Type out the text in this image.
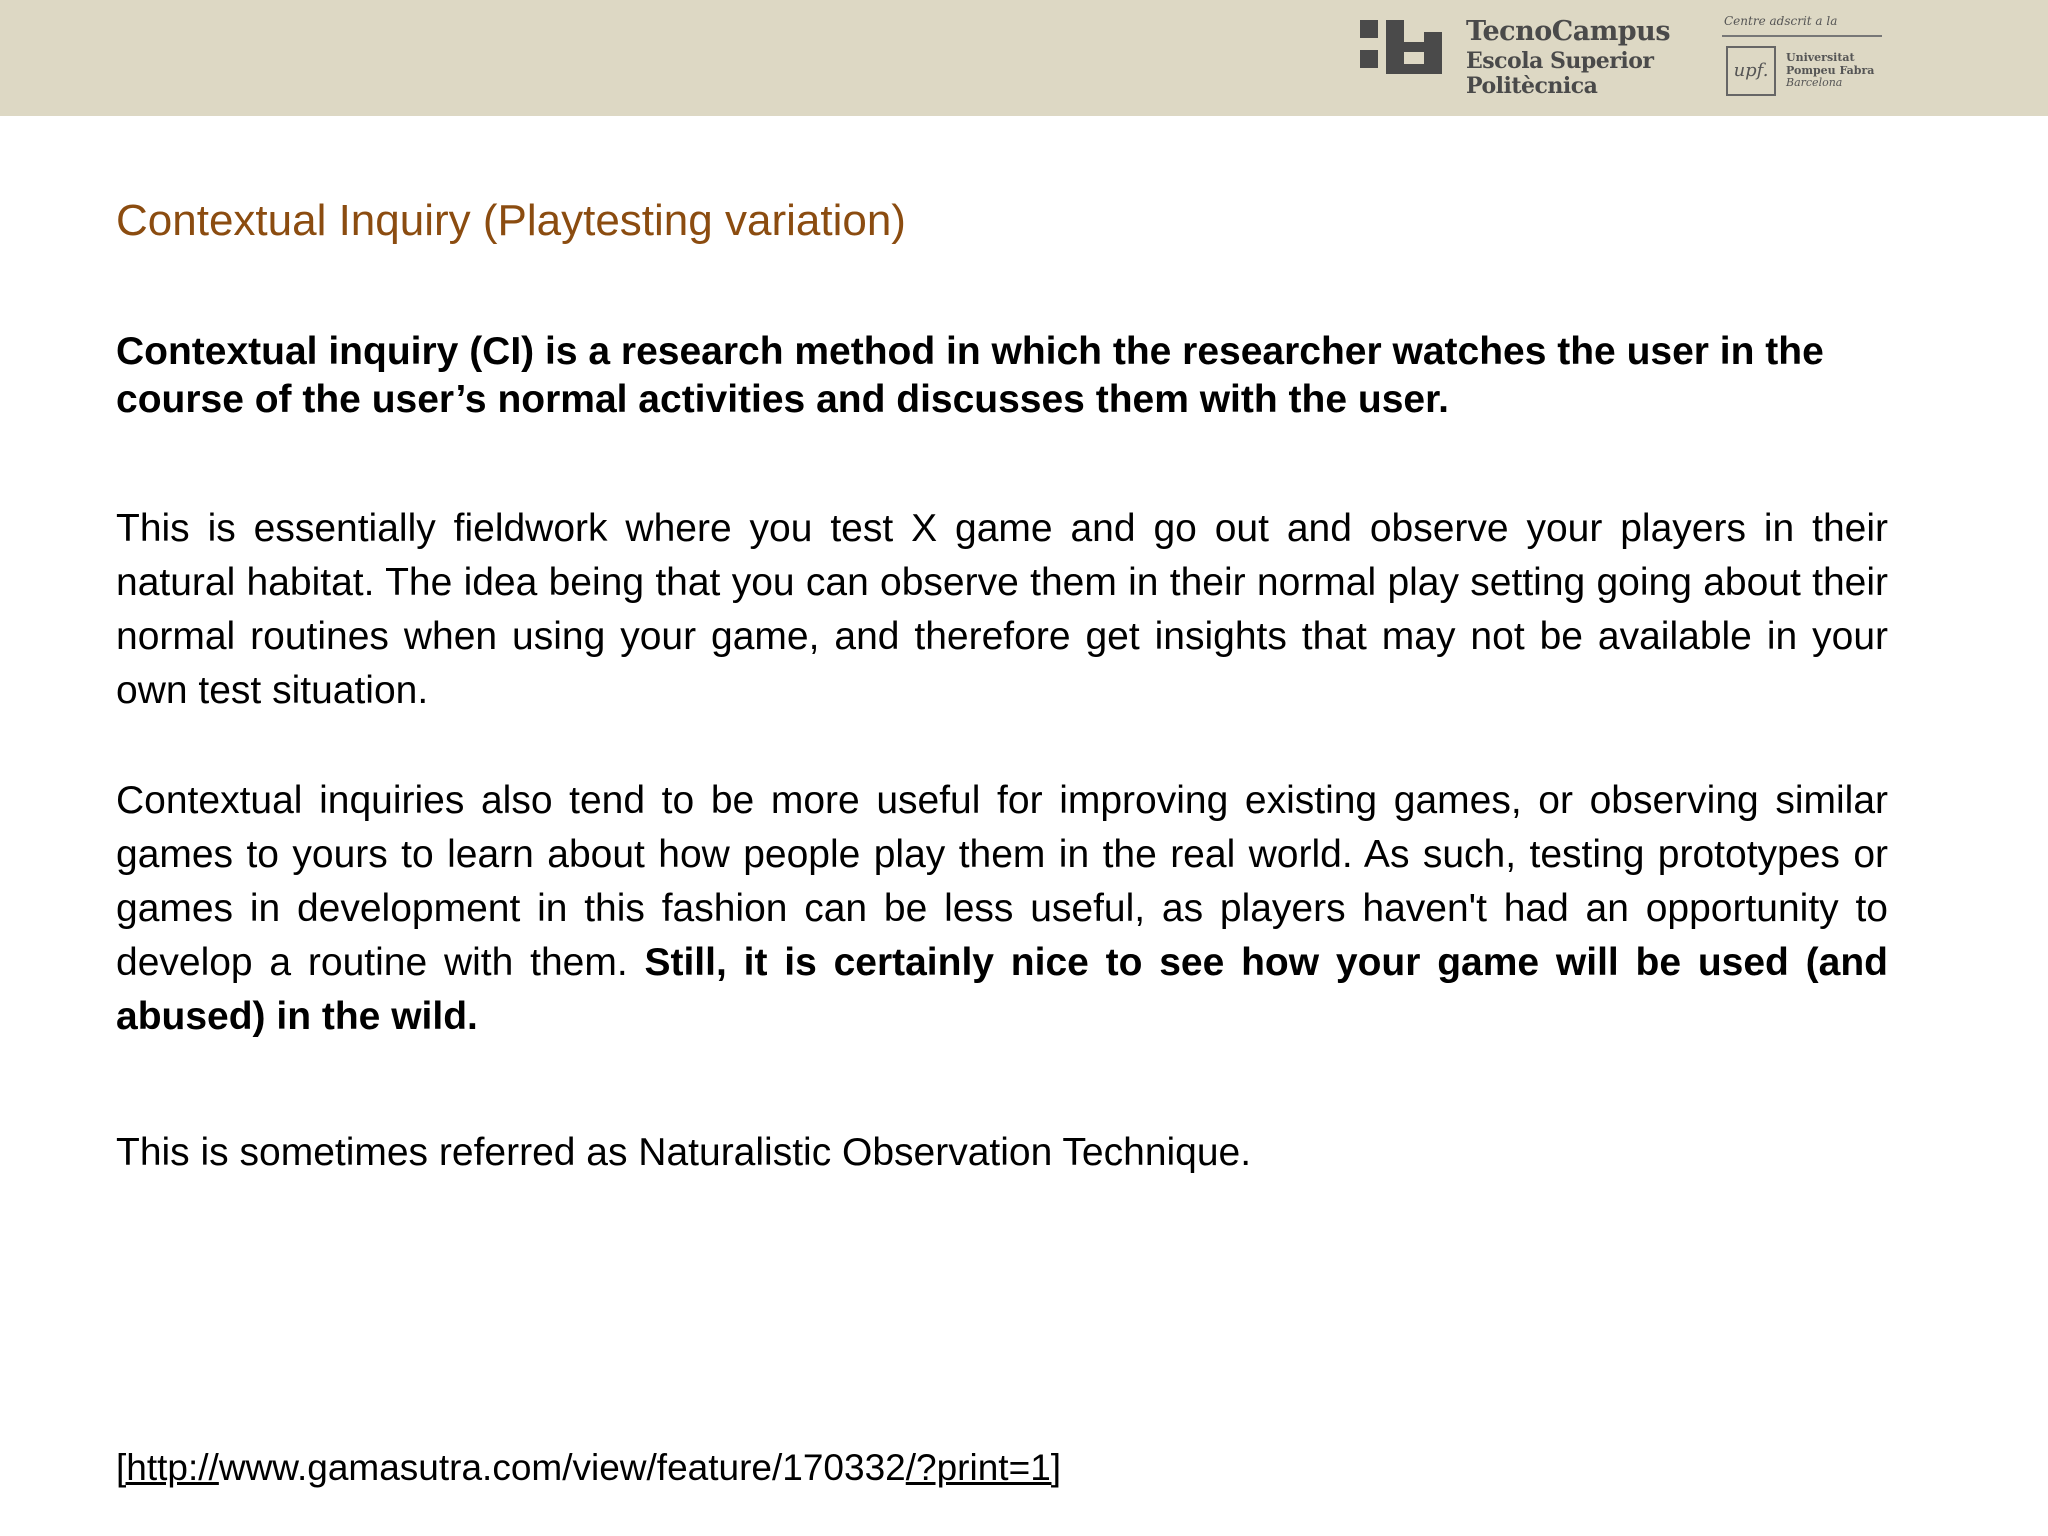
TecnoCampus
Escola Superior
Politècnica
Centre adscrit a la
upf.
Universitat
Pompeu Fabra
Barcelona
Contextual Inquiry (Playtesting variation)

Contextual inquiry (CI) is a research method in which the researcher watches the user in the course of the user’s normal activities and discusses them with the user.

This is essentially fieldwork where you test X game and go out and observe your players in their natural habitat. The idea being that you can observe them in their normal play setting going about their normal routines when using your game, and therefore get insights that may not be available in your own test situation.

Contextual inquiries also tend to be more useful for improving existing games, or observing similar games to yours to learn about how people play them in the real world. As such, testing prototypes or games in development in this fashion can be less useful, as players haven't had an opportunity to develop a routine with them. Still, it is certainly nice to see how your game will be used (and abused) in the wild.

This is sometimes referred as Naturalistic Observation Technique.

[http://www.gamasutra.com/view/feature/170332/?print=1]
